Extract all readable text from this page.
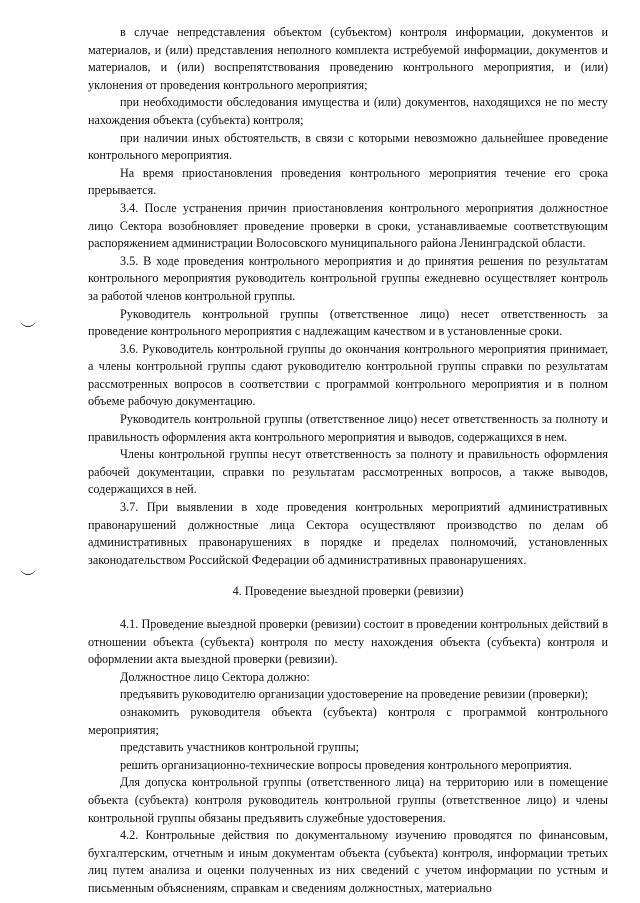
в случае непредставления объектом (субъектом) контроля информации, документов и материалов, и (или) представления неполного комплекта истребуемой информации, документов и материалов, и (или) воспрепятствования проведению контрольного мероприятия, и (или) уклонения от проведения контрольного мероприятия;

при необходимости обследования имущества и (или) документов, находящихся не по месту нахождения объекта (субъекта) контроля;

при наличии иных обстоятельств, в связи с которыми невозможно дальнейшее проведение контрольного мероприятия.

На время приостановления проведения контрольного мероприятия течение его срока прерывается.

3.4. После устранения причин приостановления контрольного мероприятия должностное лицо Сектора возобновляет проведение проверки в сроки, устанавливаемые соответствующим распоряжением администрации Волосовского муниципального района Ленинградской области.

3.5. В ходе проведения контрольного мероприятия и до принятия решения по результатам контрольного мероприятия руководитель контрольной группы ежедневно осуществляет контроль за работой членов контрольной группы.

Руководитель контрольной группы (ответственное лицо) несет ответственность за проведение контрольного мероприятия с надлежащим качеством и в установленные сроки.

3.6. Руководитель контрольной группы до окончания контрольного мероприятия принимает, а члены контрольной группы сдают руководителю контрольной группы справки по результатам рассмотренных вопросов в соответствии с программой контрольного мероприятия и в полном объеме рабочую документацию.

Руководитель контрольной группы (ответственное лицо) несет ответственность за полноту и правильность оформления акта контрольного мероприятия и выводов, содержащихся в нем.

Члены контрольной группы несут ответственность за полноту и правильность оформления рабочей документации, справки по результатам рассмотренных вопросов, а также выводов, содержащихся в ней.

3.7. При выявлении в ходе проведения контрольных мероприятий административных правонарушений должностные лица Сектора осуществляют производство по делам об административных правонарушениях в порядке и пределах полномочий, установленных законодательством Российской Федерации об административных правонарушениях.

4. Проведение выездной проверки (ревизии)

4.1. Проведение выездной проверки (ревизии) состоит в проведении контрольных действий в отношении объекта (субъекта) контроля по месту нахождения объекта (субъекта) контроля и оформлении акта выездной проверки (ревизии).

Должностное лицо Сектора должно:

предъявить руководителю организации удостоверение на проведение ревизии (проверки);

ознакомить руководителя объекта (субъекта) контроля с программой контрольного мероприятия;

представить участников контрольной группы;

решить организационно-технические вопросы проведения контрольного мероприятия.

Для допуска контрольной группы (ответственного лица) на территорию или в помещение объекта (субъекта) контроля руководитель контрольной группы (ответственное лицо) и члены контрольной группы обязаны предъявить служебные удостоверения.

4.2. Контрольные действия по документальному изучению проводятся по финансовым, бухгалтерским, отчетным и иным документам объекта (субъекта) контроля, информации третьих лиц путем анализа и оценки полученных из них сведений с учетом информации по устным и письменным объяснениям, справкам и сведениям должностных, материально
